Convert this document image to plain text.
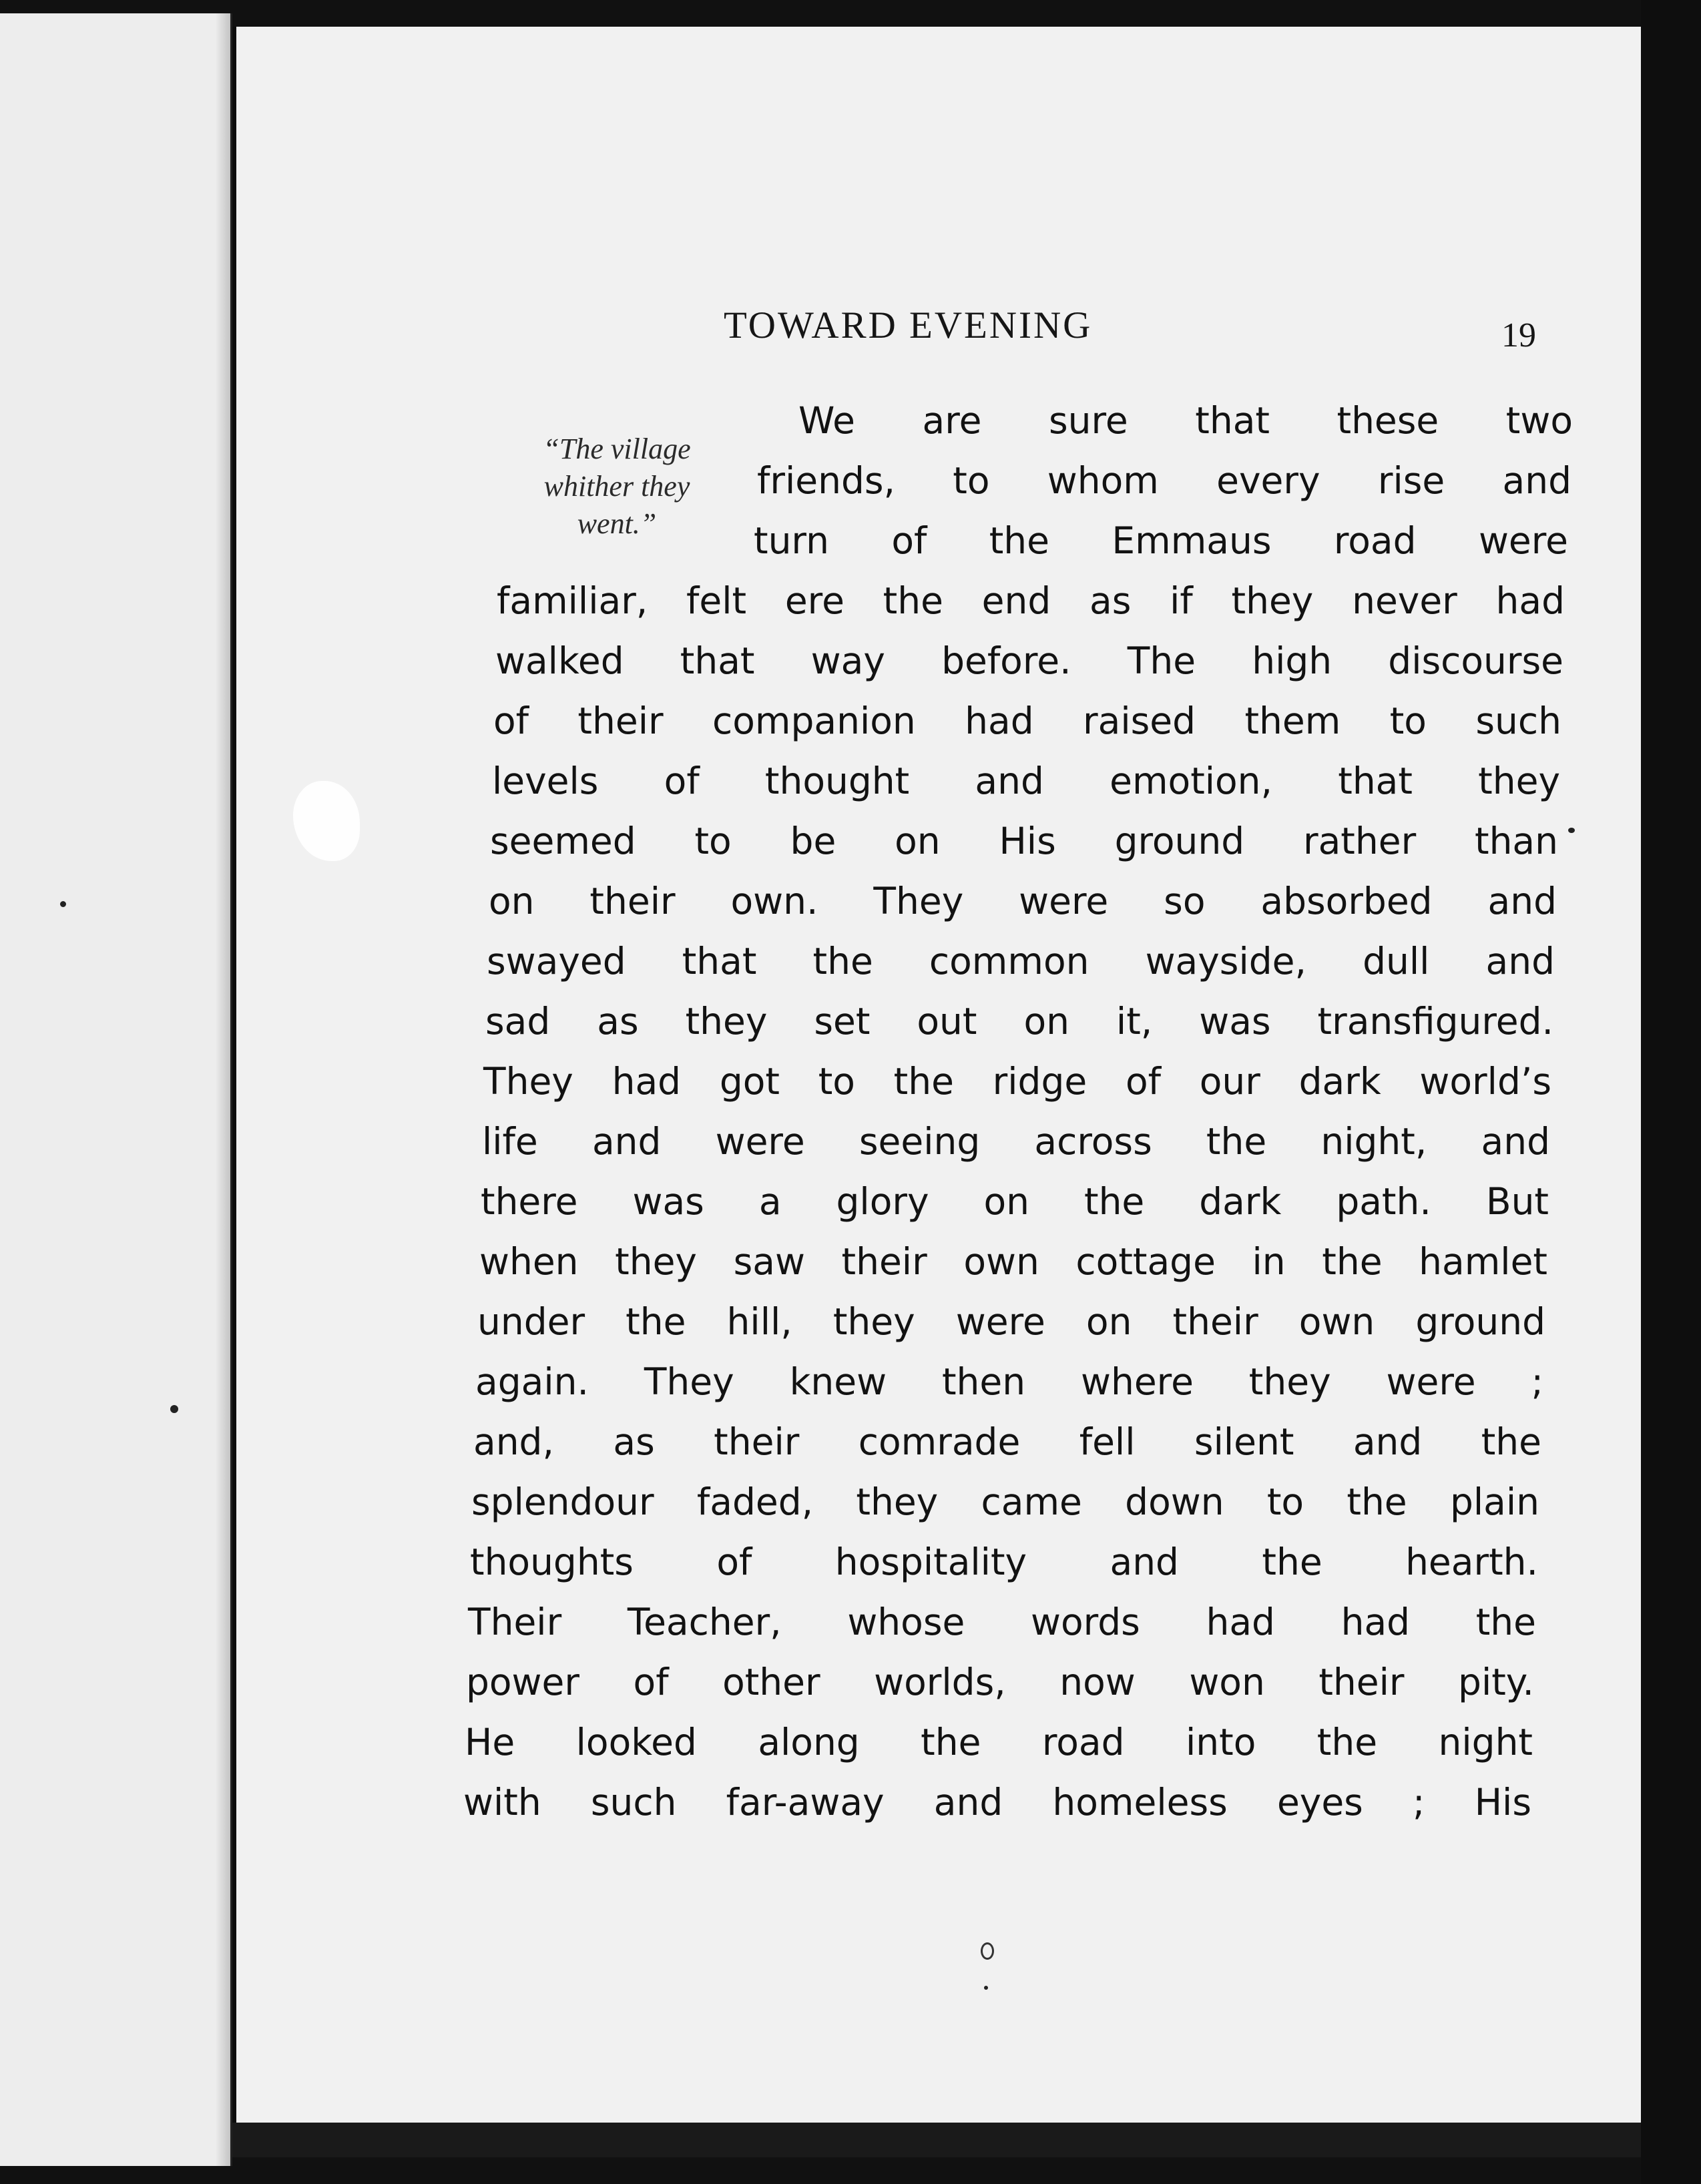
TOWARD EVENING	19
“The village
whither they
went.”
We are sure that these two
friends, to whom every rise and
turn of the Emmaus road were
familiar, felt ere the end as if they never had
walked that way before. The high discourse
of their companion had raised them to such
levels of thought and emotion, that they
seemed to be on His ground rather than
on their own. They were so absorbed and
swayed that the common wayside, dull and
sad as they set out on it, was transfigured.
They had got to the ridge of our dark world’s
life and were seeing across the night, and
there was a glory on the dark path. But
when they saw their own cottage in the hamlet
under the hill, they were on their own ground
again. They knew then where they were ;
and, as their comrade fell silent and the
splendour faded, they came down to the plain
thoughts of hospitality and the hearth.
Their Teacher, whose words had had the
power of other worlds, now won their pity.
He looked along the road into the night
with such far-away and homeless eyes ; His
